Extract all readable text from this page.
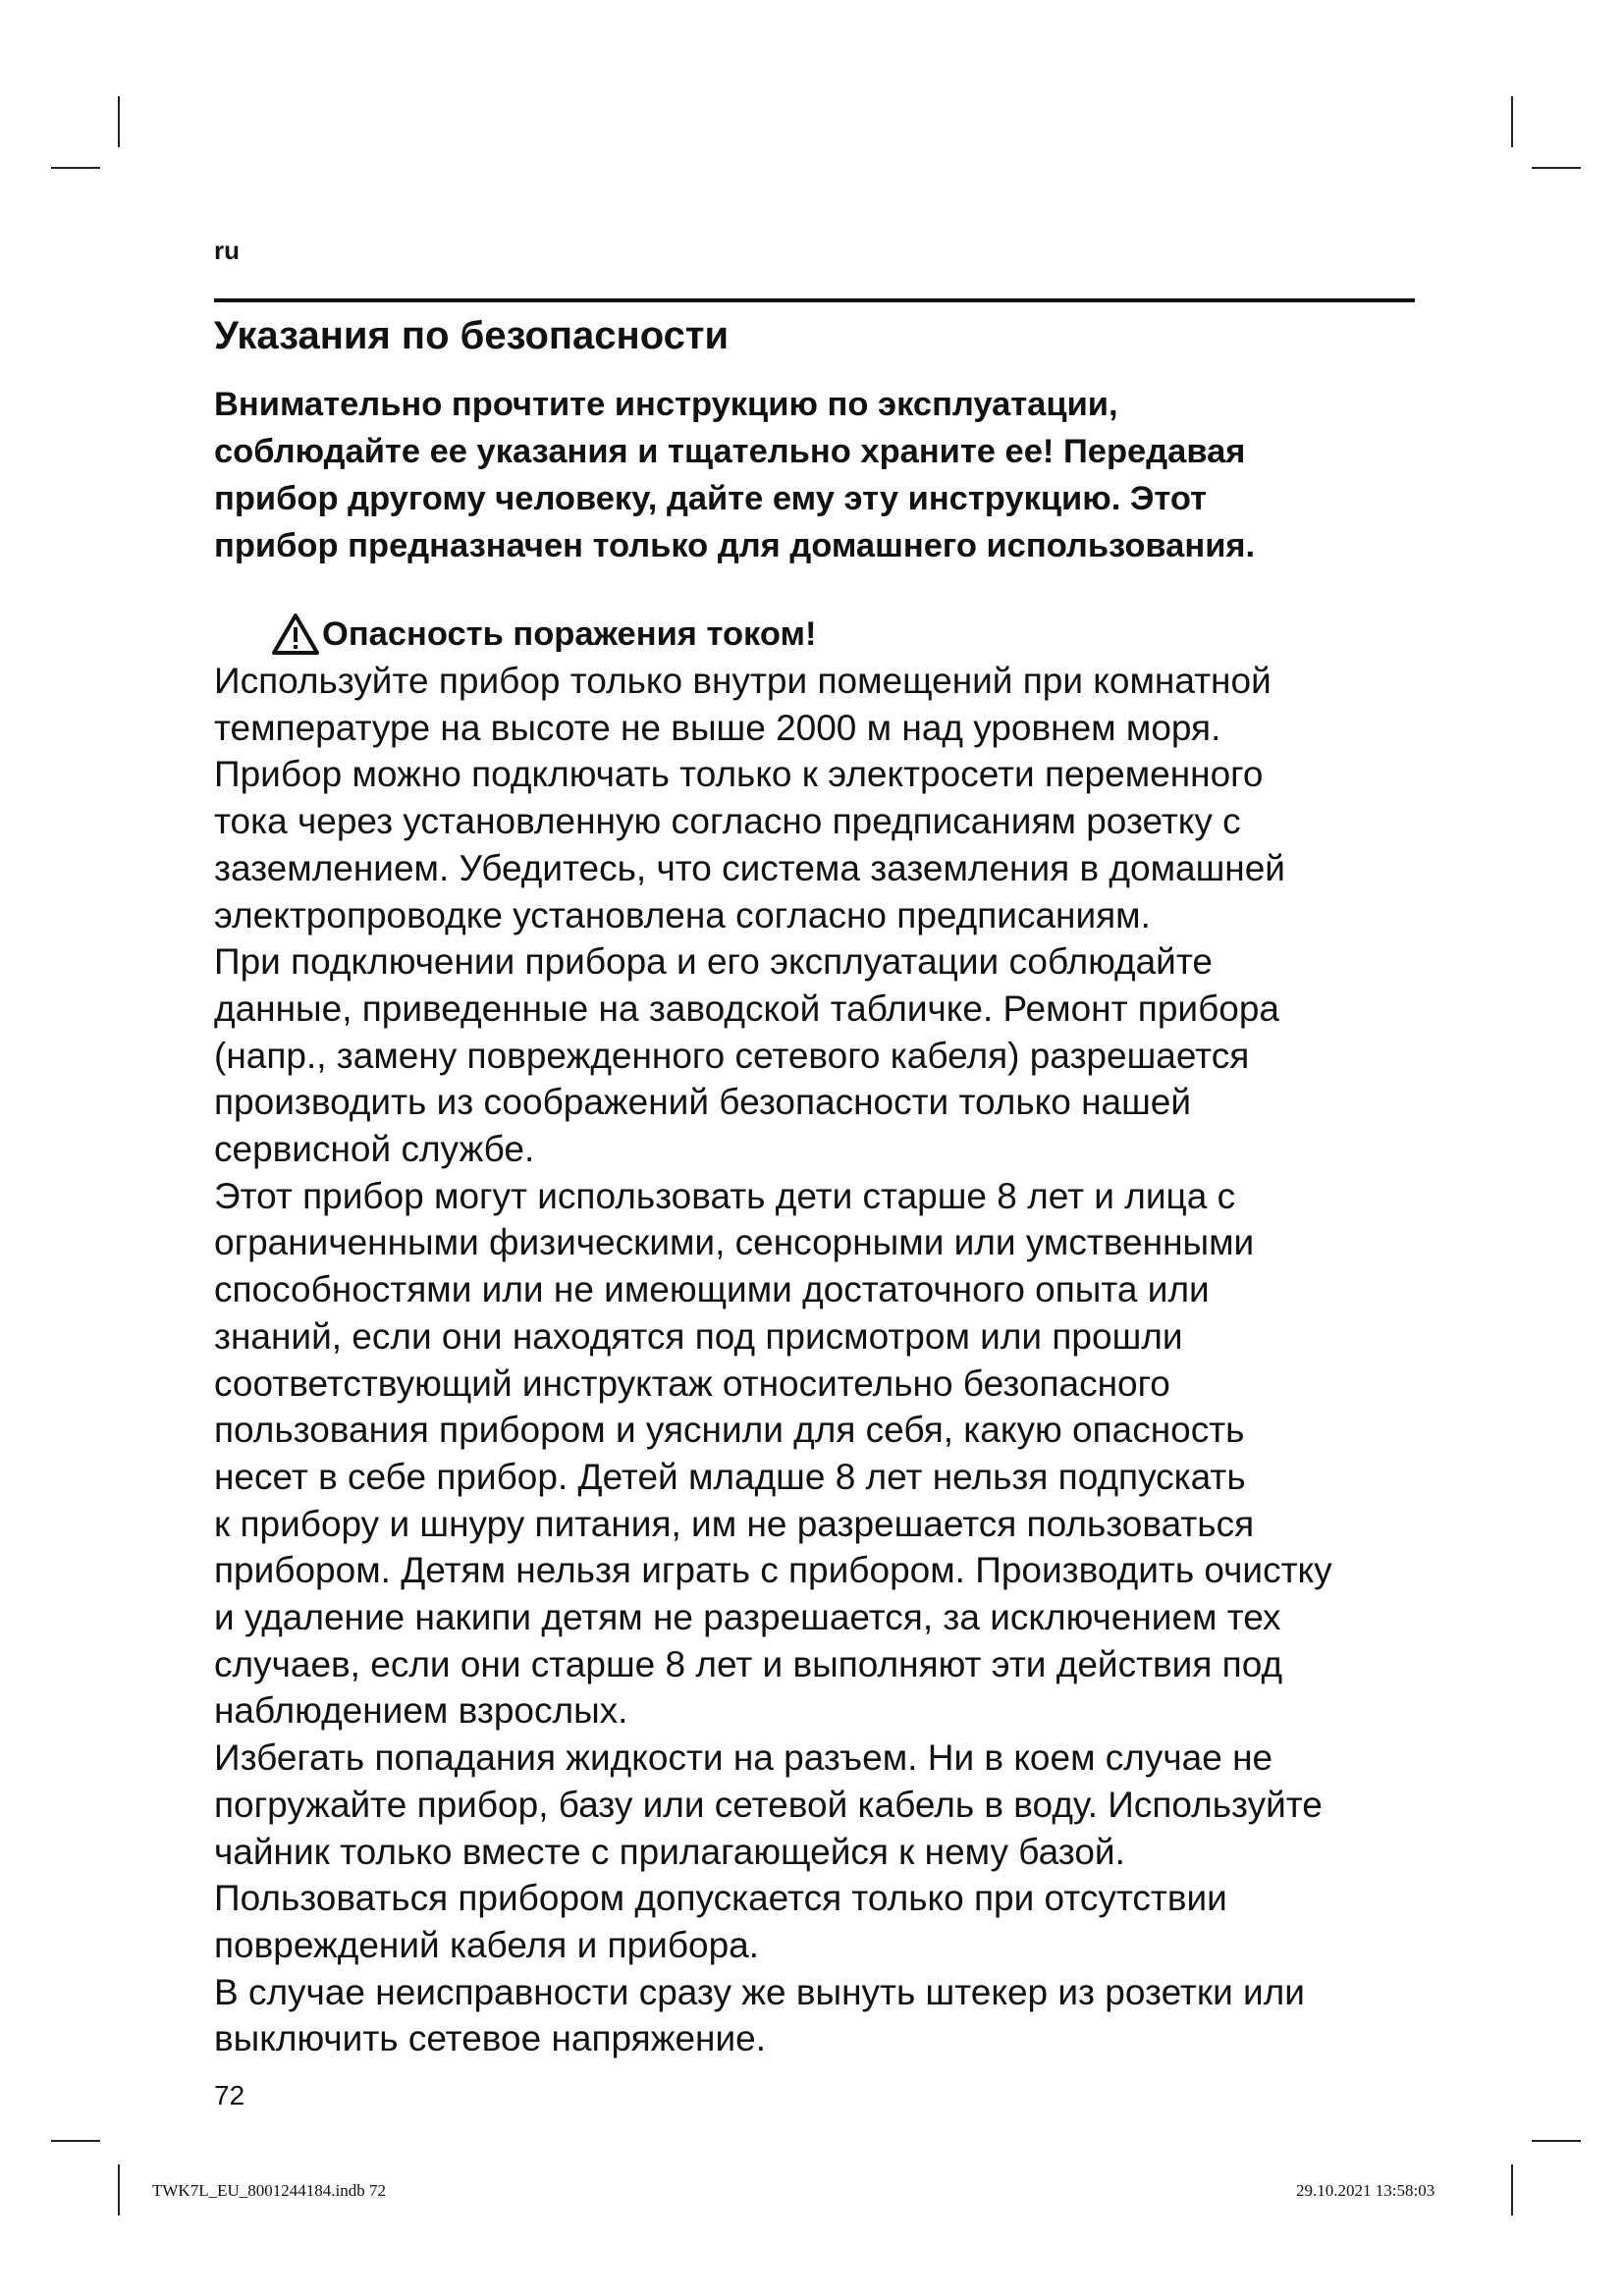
ru
Указания по безопасности
Внимательно прочтите инструкцию по эксплуатации,
соблюдайте ее указания и тщательно храните ее! Передавая
прибор другому человеку, дайте ему эту инструкцию. Этот
прибор предназначен только для домашнего использования.
Опасность поражения током!
Используйте прибор только внутри помещений при комнатной
температуре на высоте не выше 2000 м над уровнем моря.
Прибор можно подключать только к электросети переменного
тока через установленную согласно предписаниям розетку с
заземлением. Убедитесь, что система заземления в домашней
электропроводке установлена согласно предписаниям.
При подключении прибора и его эксплуатации соблюдайте
данные, приведенные на заводской табличке. Ремонт прибора
(напр., замену поврежденного сетевого кабеля) разрешается
производить из соображений безопасности только нашей
сервисной службе.
Этот прибор могут использовать дети старше 8 лет и лица с
ограниченными физическими, сенсорными или умственными
способностями или не имеющими достаточного опыта или
знаний, если они находятся под присмотром или прошли
соответствующий инструктаж относительно безопасного
пользования прибором и уяснили для себя, какую опасность
несет в себе прибор. Детей младше 8 лет нельзя подпускать
к прибору и шнуру питания, им не разрешается пользоваться
прибором. Детям нельзя играть с прибором. Производить очистку
и удаление накипи детям не разрешается, за исключением тех
случаев, если они старше 8 лет и выполняют эти действия под
наблюдением взрослых.
Избегать попадания жидкости на разъем. Ни в коем случае не
погружайте прибор, базу или сетевой кабель в воду. Используйте
чайник только вместе с прилагающейся к нему базой.
Пользоваться прибором допускается только при отсутствии
повреждений кабеля и прибора.
В случае неисправности сразу же вынуть штекер из розетки или
выключить сетевое напряжение.
72
TWK7L_EU_8001244184.indb 72	29.10.2021 13:58:03
